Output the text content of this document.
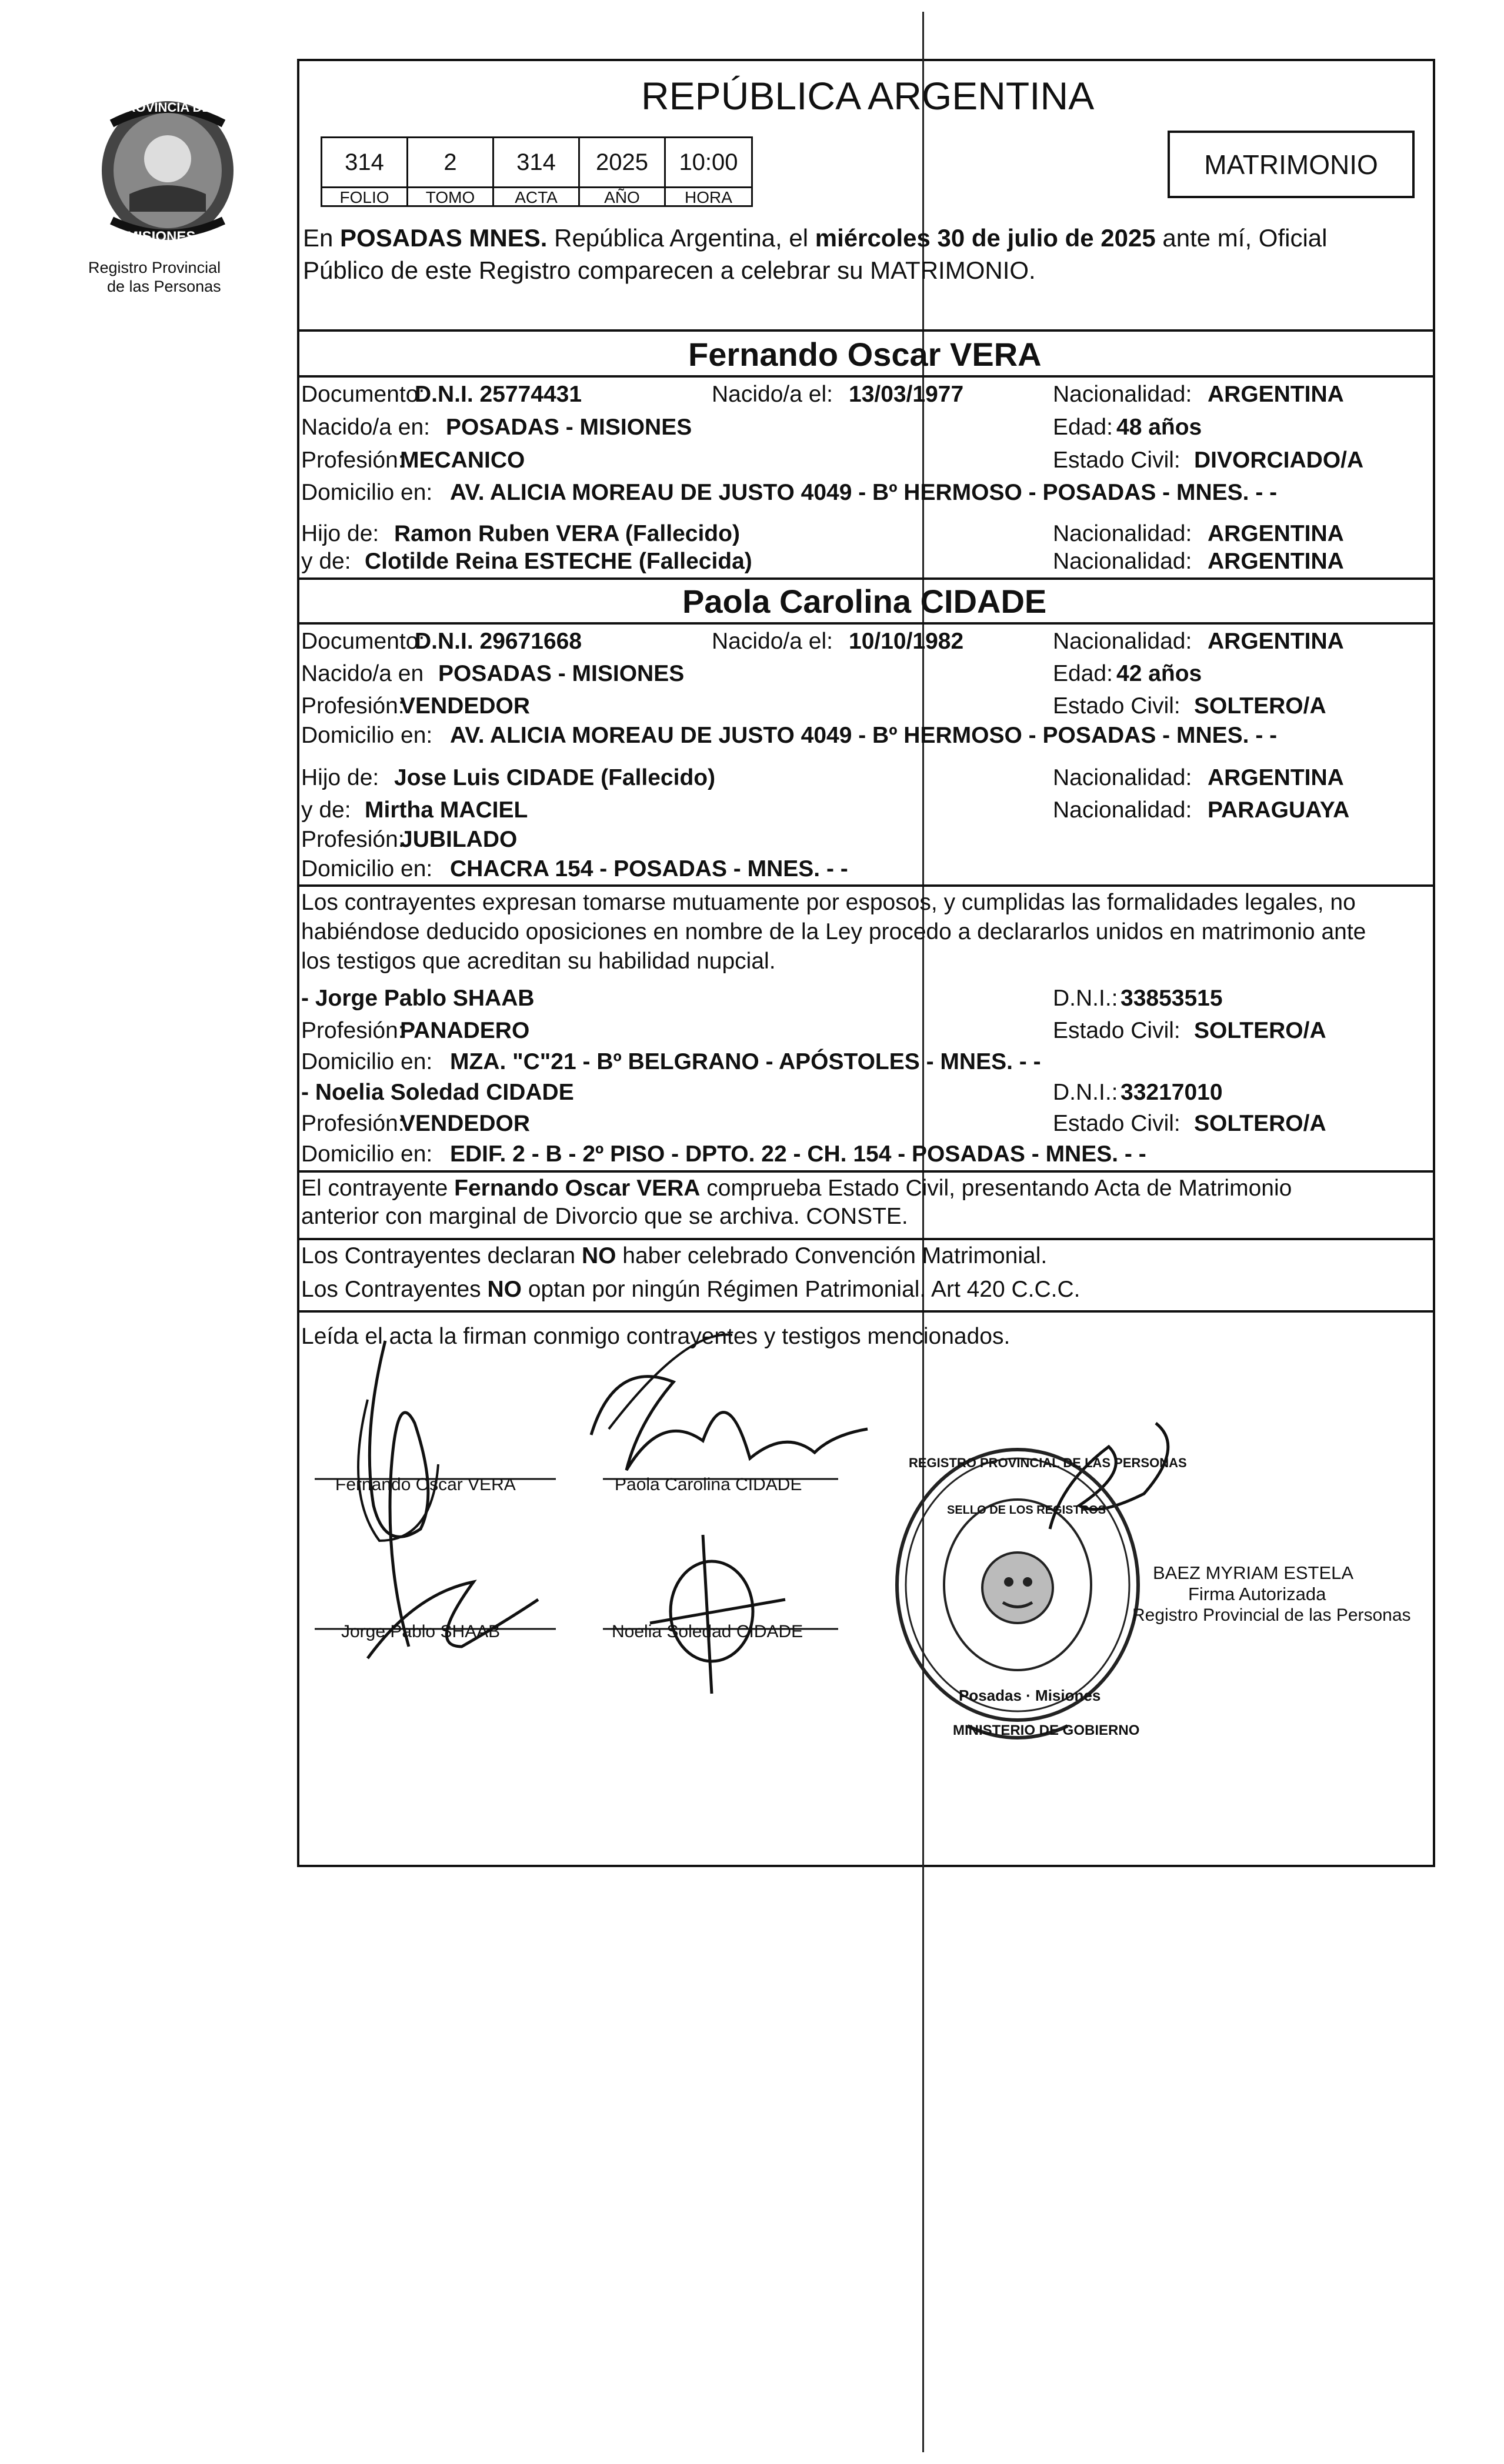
PROVINCIA DE
MISIONES
Registro Provincial
de las Personas
REPÚBLICA ARGENTINA
314	2	314	2025	10:00
FOLIO	TOMO	ACTA	AÑO	HORA
MATRIMONIO
En POSADAS MNES. República Argentina, el miércoles 30 de julio de 2025 ante mí, Oficial
Público de este Registro comparecen a celebrar su MATRIMONIO.
Fernando Oscar VERA
Documento:
D.N.I. 25774431	Nacido/a el: 13/03/1977	Nacionalidad: ARGENTINA
Nacido/a en: POSADAS - MISIONES	Edad: 48 años
Profesión:
MECANICO	Estado Civil: DIVORCIADO/A
Domicilio en: AV. ALICIA MOREAU DE JUSTO 4049 - Bº HERMOSO - POSADAS - MNES. - -
Hijo de: Ramon Ruben VERA (Fallecido)	Nacionalidad: ARGENTINA
y de: Clotilde Reina ESTECHE (Fallecida)	Nacionalidad: ARGENTINA
Paola Carolina CIDADE
Documento:
D.N.I. 29671668	Nacido/a el: 10/10/1982	Nacionalidad: ARGENTINA
Nacido/a en POSADAS - MISIONES	Edad: 42 años
Profesión:
VENDEDOR	Estado Civil: SOLTERO/A
Domicilio en: AV. ALICIA MOREAU DE JUSTO 4049 - Bº HERMOSO - POSADAS - MNES. - -
Hijo de: Jose Luis CIDADE (Fallecido)	Nacionalidad: ARGENTINA
y de: Mirtha MACIEL	Nacionalidad: PARAGUAYA
Profesión:
JUBILADO
Domicilio en: CHACRA 154 - POSADAS - MNES. - -
Los contrayentes expresan tomarse mutuamente por esposos, y cumplidas las formalidades legales, no
habiéndose deducido oposiciones en nombre de la Ley procedo a declararlos unidos en matrimonio ante
los testigos que acreditan su habilidad nupcial.
- Jorge Pablo SHAAB	D.N.I.: 33853515
Profesión:
PANADERO	Estado Civil: SOLTERO/A
Domicilio en: MZA. "C"21 - Bº BELGRANO - APÓSTOLES - MNES. - -
- Noelia Soledad CIDADE	D.N.I.: 33217010
Profesión:
VENDEDOR	Estado Civil: SOLTERO/A
Domicilio en: EDIF. 2 - B - 2º PISO - DPTO. 22 - CH. 154 - POSADAS - MNES. - -
El contrayente Fernando Oscar VERA comprueba Estado Civil, presentando Acta de Matrimonio
anterior con marginal de Divorcio que se archiva. CONSTE.
Los Contrayentes declaran NO haber celebrado Convención Matrimonial.
Los Contrayentes NO optan por ningún Régimen Patrimonial. Art 420 C.C.C.
Leída el acta la firman conmigo contrayentes y testigos mencionados.
Fernando Oscar VERA	Paola Carolina CIDADE
Jorge Pablo SHAAB	Noelia Soledad CIDADE
REGISTRO PROVINCIAL DE LAS PERSONAS
SELLO DE LOS REGISTROS
Posadas · Misiones
MINISTERIO DE GOBIERNO
BAEZ MYRIAM ESTELA
Firma Autorizada
Registro Provincial de las Personas
